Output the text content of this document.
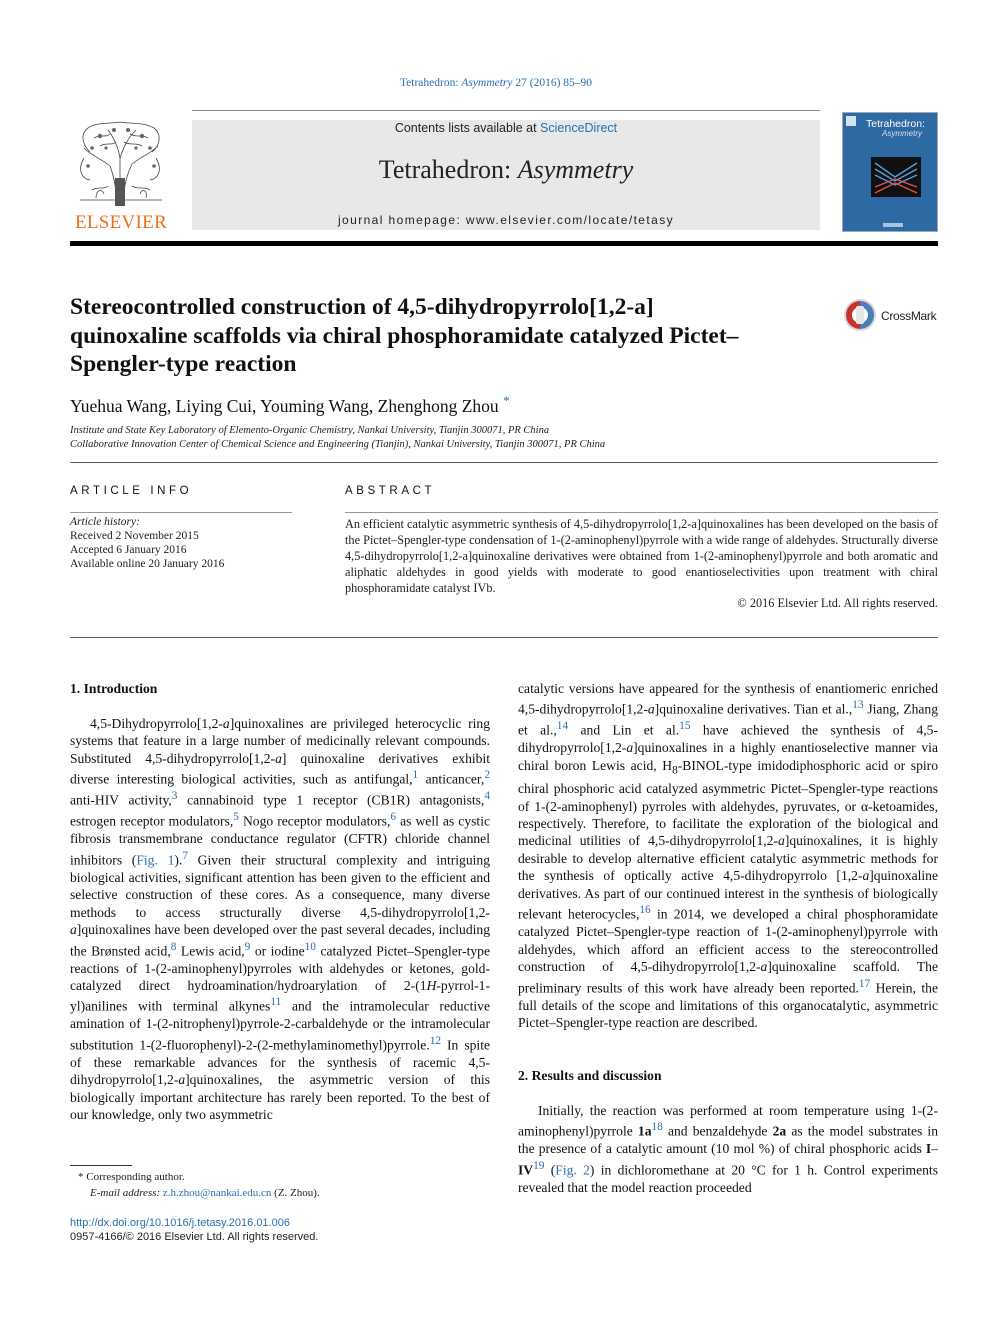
Tetrahedron: Asymmetry 27 (2016) 85–90
ELSEVIER
Contents lists available at ScienceDirect
Tetrahedron: Asymmetry
journal homepage: www.elsevier.com/locate/tetasy
Tetrahedron:
Asymmetry
Stereocontrolled construction of 4,5-dihydropyrrolo[1,2-a] quinoxaline scaffolds via chiral phosphoramidate catalyzed Pictet–Spengler-type reaction
CrossMark
Yuehua Wang, Liying Cui, Youming Wang, Zhenghong Zhou *
Institute and State Key Laboratory of Elemento-Organic Chemistry, Nankai University, Tianjin 300071, PR China
Collaborative Innovation Center of Chemical Science and Engineering (Tianjin), Nankai University, Tianjin 300071, PR China
ARTICLE INFO
Article history:
Received 2 November 2015
Accepted 6 January 2016
Available online 20 January 2016
ABSTRACT

An efficient catalytic asymmetric synthesis of 4,5-dihydropyrrolo[1,2-a]quinoxalines has been developed on the basis of the Pictet–Spengler-type condensation of 1-(2-aminophenyl)pyrrole with a wide range of aldehydes. Structurally diverse 4,5-dihydropyrrolo[1,2-a]quinoxaline derivatives were obtained from 1-(2-aminophenyl)pyrrole and both aromatic and aliphatic aldehydes in good yields with moderate to good enantioselectivities upon treatment with chiral phosphoramidate catalyst IVb.

© 2016 Elsevier Ltd. All rights reserved.
1. Introduction

4,5-Dihydropyrrolo[1,2-a]quinoxalines are privileged heterocyclic ring systems that feature in a large number of medicinally relevant compounds. Substituted 4,5-dihydropyrrolo[1,2-a] quinoxaline derivatives exhibit diverse interesting biological activities, such as antifungal,$^1$ anticancer,$^2$ anti-HIV activity,$^3$ cannabinoid type 1 receptor (CB1R) antagonists,$^4$ estrogen receptor modulators,$^5$ Nogo receptor modulators,$^6$ as well as cystic fibrosis transmembrane conductance regulator (CFTR) chloride channel inhibitors (Fig. 1).$^7$ Given their structural complexity and intriguing biological activities, significant attention has been given to the efficient and selective construction of these cores. As a consequence, many diverse methods to access structurally diverse 4,5-dihydropyrrolo[1,2-a]quinoxalines have been developed over the past several decades, including the Brønsted acid,$^8$ Lewis acid,$^9$ or iodine$^{10}$ catalyzed Pictet–Spengler-type reactions of 1-(2-aminophenyl)pyrroles with aldehydes or ketones, gold-catalyzed direct hydroamination/hydroarylation of 2-(1H-pyrrol-1-yl)anilines with terminal alkynes$^{11}$ and the intramolecular reductive amination of 1-(2-nitrophenyl)pyrrole-2-carbaldehyde or the intramolecular substitution 1-(2-fluorophenyl)-2-(2-methylaminomethyl)pyrrole.$^{12}$ In spite of these remarkable advances for the synthesis of racemic 4,5-dihydropyrrolo[1,2-a]quinoxalines, the asymmetric version of this biologically important architecture has rarely been reported. To the best of our knowledge, only two asymmetric

catalytic versions have appeared for the synthesis of enantiomeric enriched 4,5-dihydropyrrolo[1,2-a]quinoxaline derivatives. Tian et al.,$^{13}$ Jiang, Zhang et al.,$^{14}$ and Lin et al.$^{15}$ have achieved the synthesis of 4,5-dihydropyrrolo[1,2-a]quinoxalines in a highly enantioselective manner via chiral boron Lewis acid, $H_8-BINOL$-type imidodiphosphoric acid or spiro chiral phosphoric acid catalyzed asymmetric Pictet–Spengler-type reactions of 1-(2-aminophenyl) pyrroles with aldehydes, pyruvates, or α-ketoamides, respectively. Therefore, to facilitate the exploration of the biological and medicinal utilities of 4,5-dihydropyrrolo[1,2-a]quinoxalines, it is highly desirable to develop alternative efficient catalytic asymmetric methods for the synthesis of optically active 4,5-dihydropyrrolo [1,2-a]quinoxaline derivatives. As part of our continued interest in the synthesis of biologically relevant heterocycles,$^{16}$ in 2014, we developed a chiral phosphoramidate catalyzed Pictet–Spengler-type reaction of 1-(2-aminophenyl)pyrrole with aldehydes, which afford an efficient access to the stereocontrolled construction of 4,5-dihydropyrrolo[1,2-a]quinoxaline scaffold. The preliminary results of this work have already been reported.$^{17}$ Herein, the full details of the scope and limitations of this organocatalytic, asymmetric Pictet–Spengler-type reaction are described.

2. Results and discussion

Initially, the reaction was performed at room temperature using 1-(2-aminophenyl)pyrrole 1a$^{18}$ and benzaldehyde 2a as the model substrates in the presence of a catalytic amount (10 mol %) of chiral phosphoric acids I–IV$^{19}$ (Fig. 2) in dichloromethane at 20 °C for 1 h. Control experiments revealed that the model reaction proceeded

* Corresponding author.
E-mail address: z.h.zhou@nankai.edu.cn (Z. Zhou).
http://dx.doi.org/10.1016/j.tetasy.2016.01.006
0957-4166/© 2016 Elsevier Ltd. All rights reserved.
